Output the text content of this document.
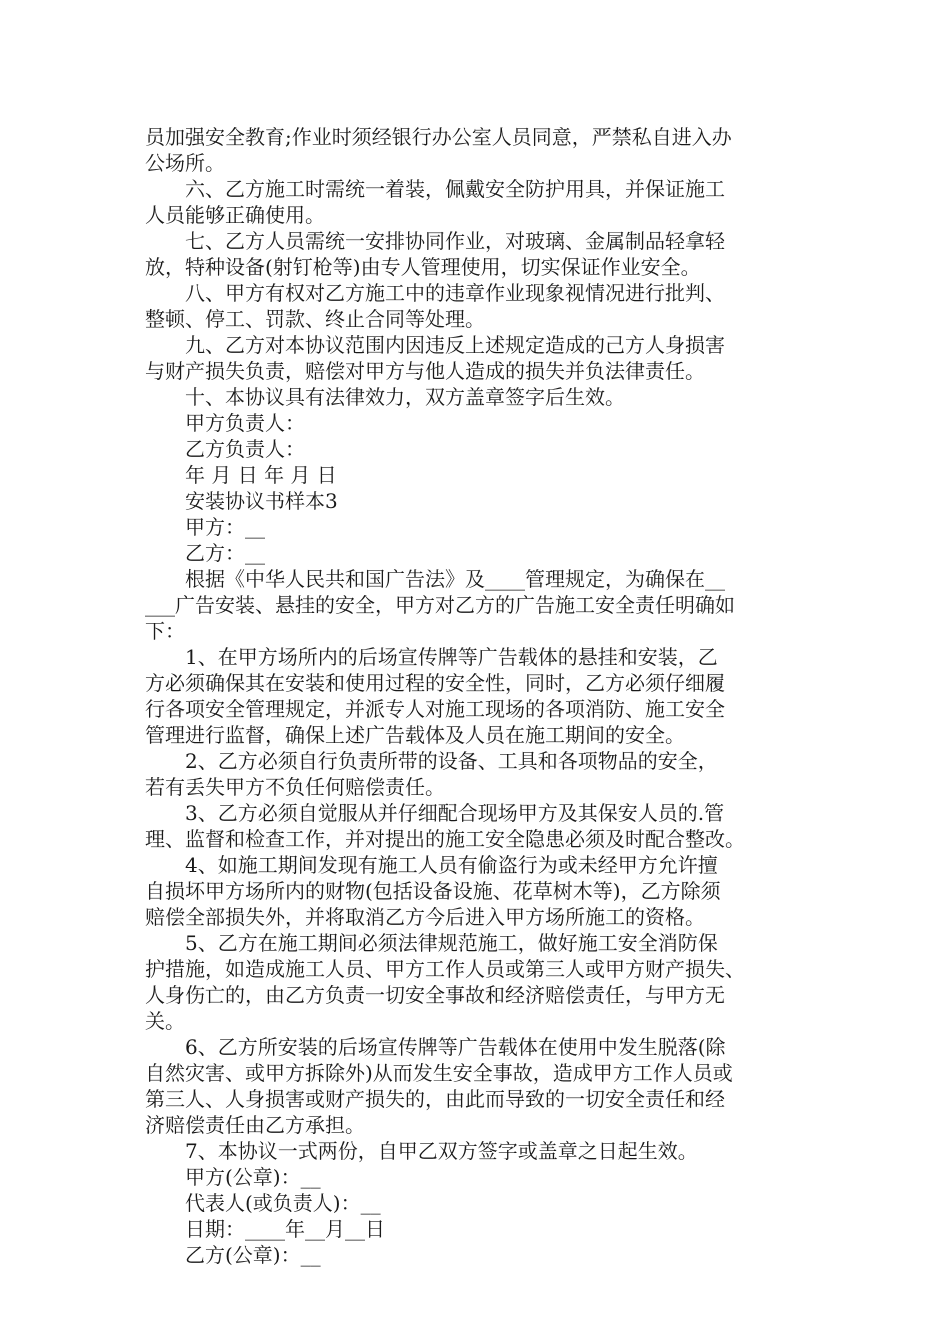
员加强安全教育;作业时须经银行办公室人员同意，严禁私自进入办
公场所。
　　六、乙方施工时需统一着装，佩戴安全防护用具，并保证施工
人员能够正确使用。
　　七、乙方人员需统一安排协同作业，对玻璃、金属制品轻拿轻
放，特种设备(射钉枪等)由专人管理使用，切实保证作业安全。
　　八、甲方有权对乙方施工中的违章作业现象视情况进行批判、
整顿、停工、罚款、终止合同等处理。
　　九、乙方对本协议范围内因违反上述规定造成的己方人身损害
与财产损失负责，赔偿对甲方与他人造成的损失并负法律责任。
　　十、本协议具有法律效力，双方盖章签字后生效。
　　甲方负责人：
　　乙方负责人：
　　年 月 日 年 月 日
　　安装协议书样本3
　　甲方：__
　　乙方：__
　　根据《中华人民共和国广告法》及____管理规定，为确保在__
___广告安装、悬挂的安全，甲方对乙方的广告施工安全责任明确如
下：
　　1、在甲方场所内的后场宣传牌等广告载体的悬挂和安装，乙
方必须确保其在安装和使用过程的安全性，同时，乙方必须仔细履
行各项安全管理规定，并派专人对施工现场的各项消防、施工安全
管理进行监督，确保上述广告载体及人员在施工期间的安全。
　　2、乙方必须自行负责所带的设备、工具和各项物品的安全，
若有丢失甲方不负任何赔偿责任。
　　3、乙方必须自觉服从并仔细配合现场甲方及其保安人员的.管
理、监督和检查工作，并对提出的施工安全隐患必须及时配合整改。
　　4、如施工期间发现有施工人员有偷盗行为或未经甲方允许擅
自损坏甲方场所内的财物(包括设备设施、花草树木等)，乙方除须
赔偿全部损失外，并将取消乙方今后进入甲方场所施工的资格。
　　5、乙方在施工期间必须法律规范施工，做好施工安全消防保
护措施，如造成施工人员、甲方工作人员或第三人或甲方财产损失、
人身伤亡的，由乙方负责一切安全事故和经济赔偿责任，与甲方无
关。
　　6、乙方所安装的后场宣传牌等广告载体在使用中发生脱落(除
自然灾害、或甲方拆除外)从而发生安全事故，造成甲方工作人员或
第三人、人身损害或财产损失的，由此而导致的一切安全责任和经
济赔偿责任由乙方承担。
　　7、本协议一式两份，自甲乙双方签字或盖章之日起生效。
　　甲方(公章)：__
　　代表人(或负责人)：__
　　日期：____年__月__日
　　乙方(公章)：__
